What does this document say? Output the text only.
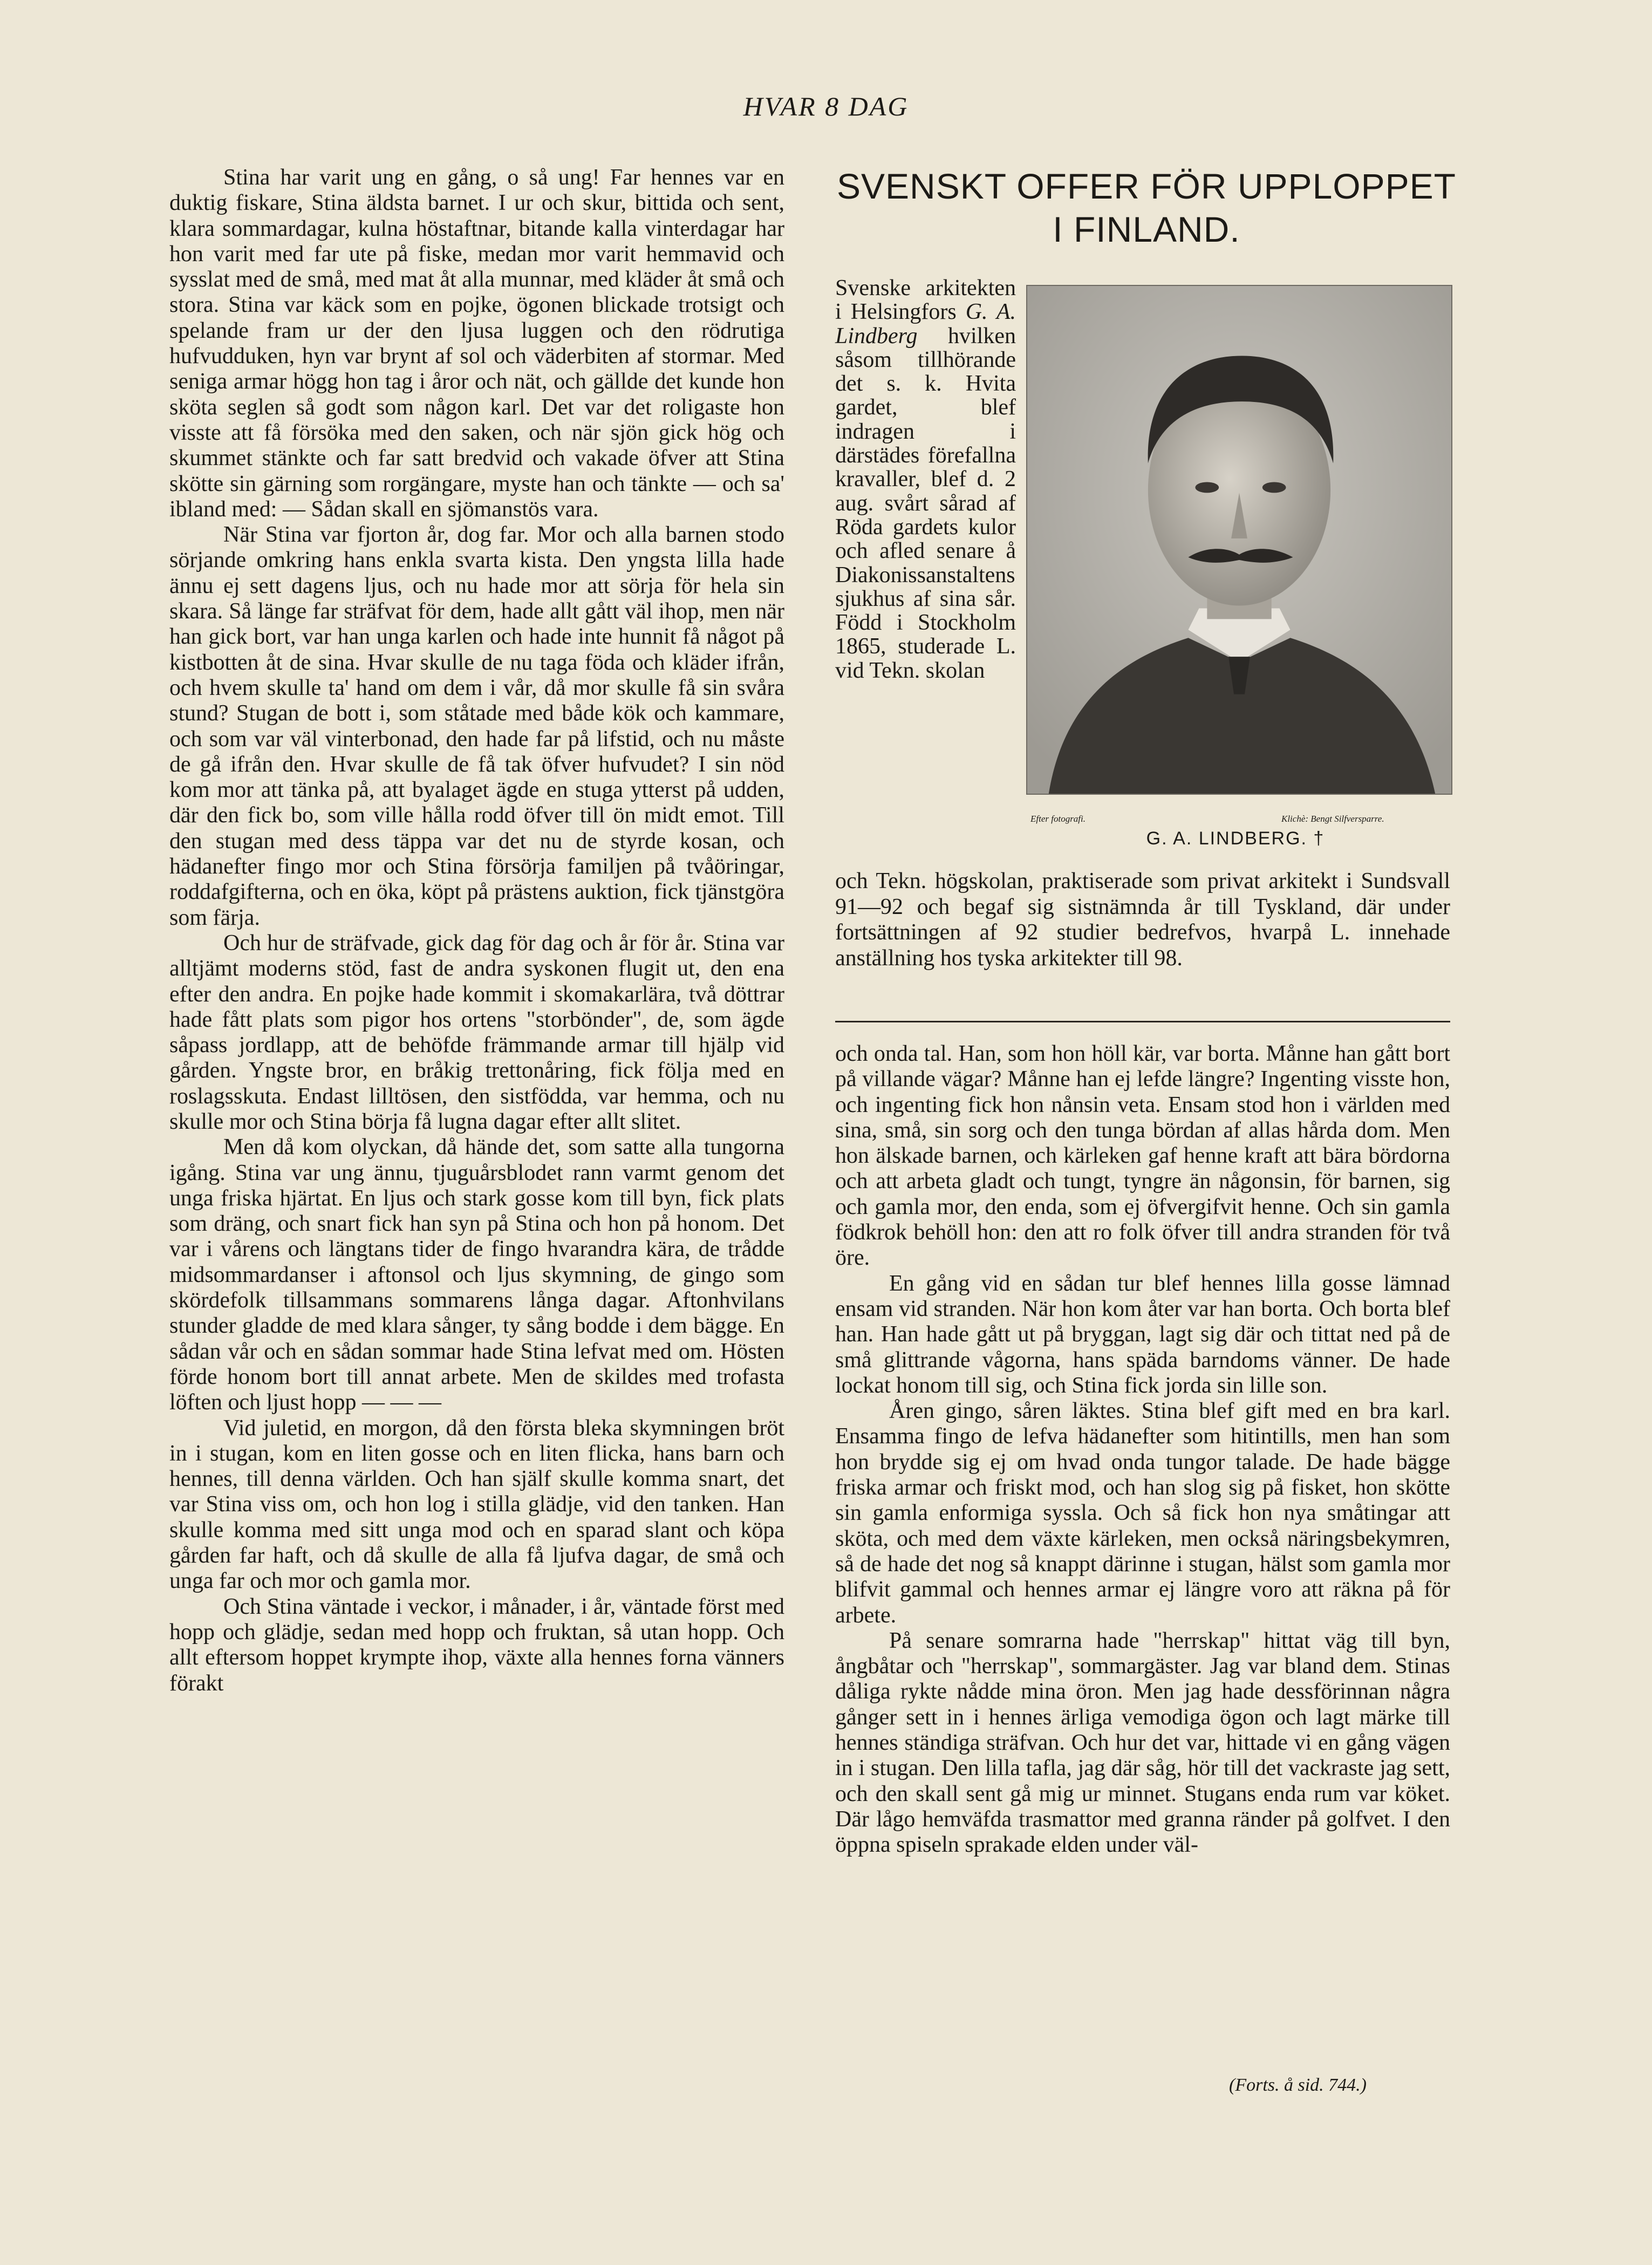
HVAR 8 DAG

Stina har varit ung en gång, o så ung! Far hennes var en duktig fiskare, Stina äldsta barnet. I ur och skur, bittida och sent, klara sommardagar, kulna höstaftnar, bitande kalla vinterdagar har hon varit med far ute på fiske, medan mor varit hemmavid och sysslat med de små, med mat åt alla munnar, med kläder åt små och stora. Stina var käck som en pojke, ögonen blickade trotsigt och spelande fram ur der den ljusa luggen och den rödrutiga hufvudduken, hyn var brynt af sol och väderbiten af stormar. Med seniga armar högg hon tag i åror och nät, och gällde det kunde hon sköta seglen så godt som någon karl. Det var det roligaste hon visste att få försöka med den saken, och när sjön gick hög och skummet stänkte och far satt bredvid och vakade öfver att Stina skötte sin gärning som rorgängare, myste han och tänkte — och sa' ibland med: — Sådan skall en sjömanstös vara.

När Stina var fjorton år, dog far. Mor och alla barnen stodo sörjande omkring hans enkla svarta kista. Den yngsta lilla hade ännu ej sett dagens ljus, och nu hade mor att sörja för hela sin skara. Så länge far sträfvat för dem, hade allt gått väl ihop, men när han gick bort, var han unga karlen och hade inte hunnit få något på kistbotten åt de sina. Hvar skulle de nu taga föda och kläder ifrån, och hvem skulle ta' hand om dem i vår, då mor skulle få sin svåra stund? Stugan de bott i, som ståtade med både kök och kammare, och som var väl vinterbonad, den hade far på lifstid, och nu måste de gå ifrån den. Hvar skulle de få tak öfver hufvudet? I sin nöd kom mor att tänka på, att byalaget ägde en stuga ytterst på udden, där den fick bo, som ville hålla rodd öfver till ön midt emot. Till den stugan med dess täppa var det nu de styrde kosan, och hädanefter fingo mor och Stina försörja familjen på tvåöringar, roddafgifterna, och en öka, köpt på prästens auktion, fick tjänstgöra som färja.

Och hur de sträfvade, gick dag för dag och år för år. Stina var alltjämt moderns stöd, fast de andra syskonen flugit ut, den ena efter den andra. En pojke hade kommit i skomakarlära, två döttrar hade fått plats som pigor hos ortens "storbönder", de, som ägde såpass jordlapp, att de behöfde främmande armar till hjälp vid gården. Yngste bror, en bråkig trettonåring, fick följa med en roslagsskuta. Endast lilltösen, den sistfödda, var hemma, och nu skulle mor och Stina börja få lugna dagar efter allt slitet.

Men då kom olyckan, då hände det, som satte alla tungorna igång. Stina var ung ännu, tjuguårsblodet rann varmt genom det unga friska hjärtat. En ljus och stark gosse kom till byn, fick plats som dräng, och snart fick han syn på Stina och hon på honom. Det var i vårens och längtans tider de fingo hvarandra kära, de trådde midsommardanser i aftonsol och ljus skymning, de gingo som skördefolk tillsammans sommarens långa dagar. Aftonhvilans stunder gladde de med klara sånger, ty sång bodde i dem bägge. En sådan vår och en sådan sommar hade Stina lefvat med om. Hösten förde honom bort till annat arbete. Men de skildes med trofasta löften och ljust hopp — — —

Vid juletid, en morgon, då den första bleka skymningen bröt in i stugan, kom en liten gosse och en liten flicka, hans barn och hennes, till denna världen. Och han själf skulle komma snart, det var Stina viss om, och hon log i stilla glädje, vid den tanken. Han skulle komma med sitt unga mod och en sparad slant och köpa gården far haft, och då skulle de alla få ljufva dagar, de små och unga far och mor och gamla mor.

Och Stina väntade i veckor, i månader, i år, väntade först med hopp och glädje, sedan med hopp och fruktan, så utan hopp. Och allt eftersom hoppet krympte ihop, växte alla hennes forna vänners förakt

SVENSKT OFFER FÖR UPPLOPPET I FINLAND.
Svenske arkitekten i Helsingfors G. A. Lindberg hvilken såsom tillhörande det s. k. Hvita gardet, blef indragen i därstädes förefallna kravaller, blef d. 2 aug. svårt sårad af Röda gardets kulor och afled senare å Diakonissanstaltens sjukhus af sina sår. Född i Stockholm 1865, studerade L. vid Tekn. skolan
Efter fotografi.	Klichè: Bengt Silfversparre.
G. A. LINDBERG. †
och Tekn. högskolan, praktiserade som privat arkitekt i Sundsvall 91—92 och begaf sig sistnämnda år till Tyskland, där under fortsättningen af 92 studier bedrefvos, hvarpå L. innehade anställning hos tyska arkitekter till 98.

och onda tal. Han, som hon höll kär, var borta. Månne han gått bort på villande vägar? Månne han ej lefde längre? Ingenting visste hon, och ingenting fick hon nånsin veta. Ensam stod hon i världen med sina, små, sin sorg och den tunga bördan af allas hårda dom. Men hon älskade barnen, och kärleken gaf henne kraft att bära bördorna och att arbeta gladt och tungt, tyngre än någonsin, för barnen, sig och gamla mor, den enda, som ej öfvergifvit henne. Och sin gamla födkrok behöll hon: den att ro folk öfver till andra stranden för två öre.

En gång vid en sådan tur blef hennes lilla gosse lämnad ensam vid stranden. När hon kom åter var han borta. Och borta blef han. Han hade gått ut på bryggan, lagt sig där och tittat ned på de små glittrande vågorna, hans späda barndoms vänner. De hade lockat honom till sig, och Stina fick jorda sin lille son.

Åren gingo, såren läktes. Stina blef gift med en bra karl. Ensamma fingo de lefva hädanefter som hitintills, men han som hon brydde sig ej om hvad onda tungor talade. De hade bägge friska armar och friskt mod, och han slog sig på fisket, hon skötte sin gamla enformiga syssla. Och så fick hon nya småtingar att sköta, och med dem växte kärleken, men också näringsbekymren, så de hade det nog så knappt därinne i stugan, hälst som gamla mor blifvit gammal och hennes armar ej längre voro att räkna på för arbete.

På senare somrarna hade "herrskap" hittat väg till byn, ångbåtar och "herrskap", sommargäster. Jag var bland dem. Stinas dåliga rykte nådde mina öron. Men jag hade dessförinnan några gånger sett in i hennes ärliga vemodiga ögon och lagt märke till hennes ständiga sträfvan. Och hur det var, hittade vi en gång vägen in i stugan. Den lilla tafla, jag där såg, hör till det vackraste jag sett, och den skall sent gå mig ur minnet. Stugans enda rum var köket. Där lågo hemväfda trasmattor med granna ränder på golfvet. I den öppna spiseln sprakade elden under väl-

(Forts. å sid. 744.)
